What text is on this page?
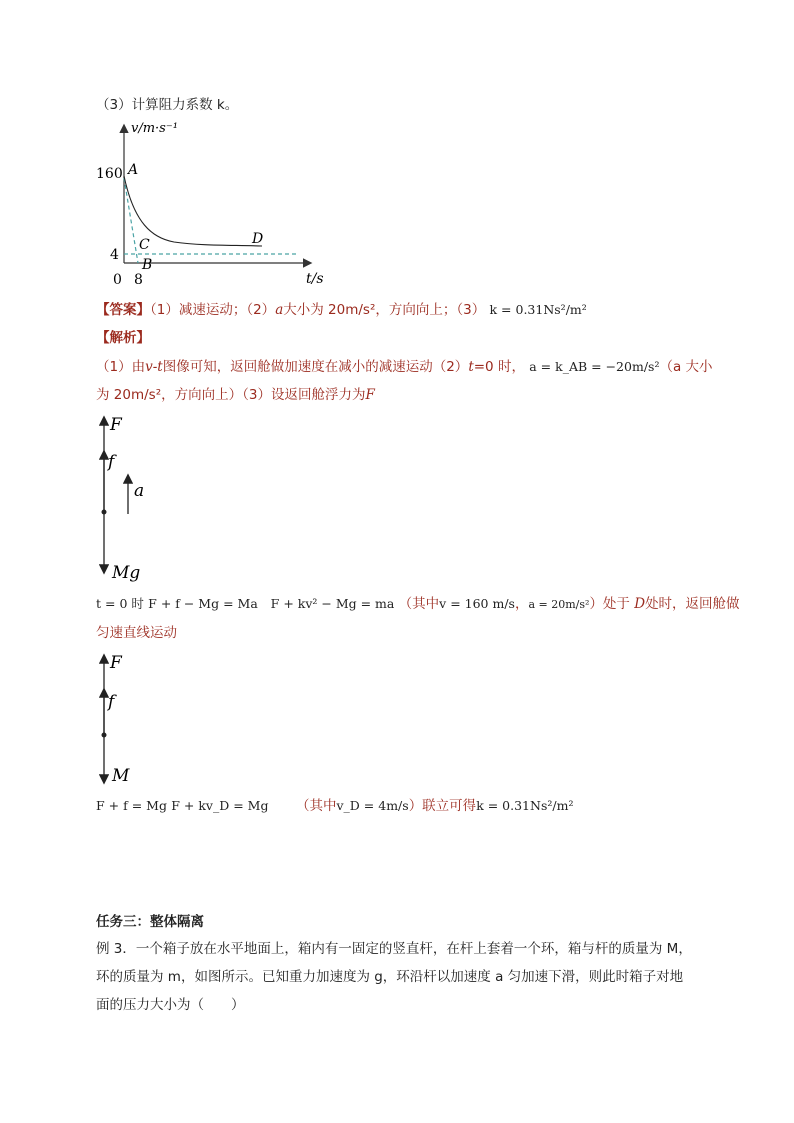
（3）计算阻力系数 k。
v/m·s⁻¹
t/s
160
4
0 8
A
B
C	D
【答案】（1）减速运动；（2）a大小为 20m/s²，方向向上；（3） k = 0.31Ns²/m²
【解析】
（1）由v-t图像可知，返回舱做加速度在减小的减速运动（2）t=0 时， a = k_AB = −20m/s²（a 大小
为 20m/s²，方向向上）（3）设返回舱浮力为F
F
f
a
Mg
t = 0 时 F + f − Mg = Ma F + kv² − Mg = ma （其中v = 160 m/s，a = 20m/s²）处于 D处时，返回舱做
匀速直线运动
F
f
M
F + f = Mg F + kv_D = Mg （其中v_D = 4m/s）联立可得k = 0.31Ns²/m²
任务三：整体隔离
例 3．一个箱子放在水平地面上，箱内有一固定的竖直杆，在杆上套着一个环，箱与杆的质量为 M，
环的质量为 m，如图所示。已知重力加速度为 g，环沿杆以加速度 a 匀加速下滑，则此时箱子对地
面的压力大小为（　　）
